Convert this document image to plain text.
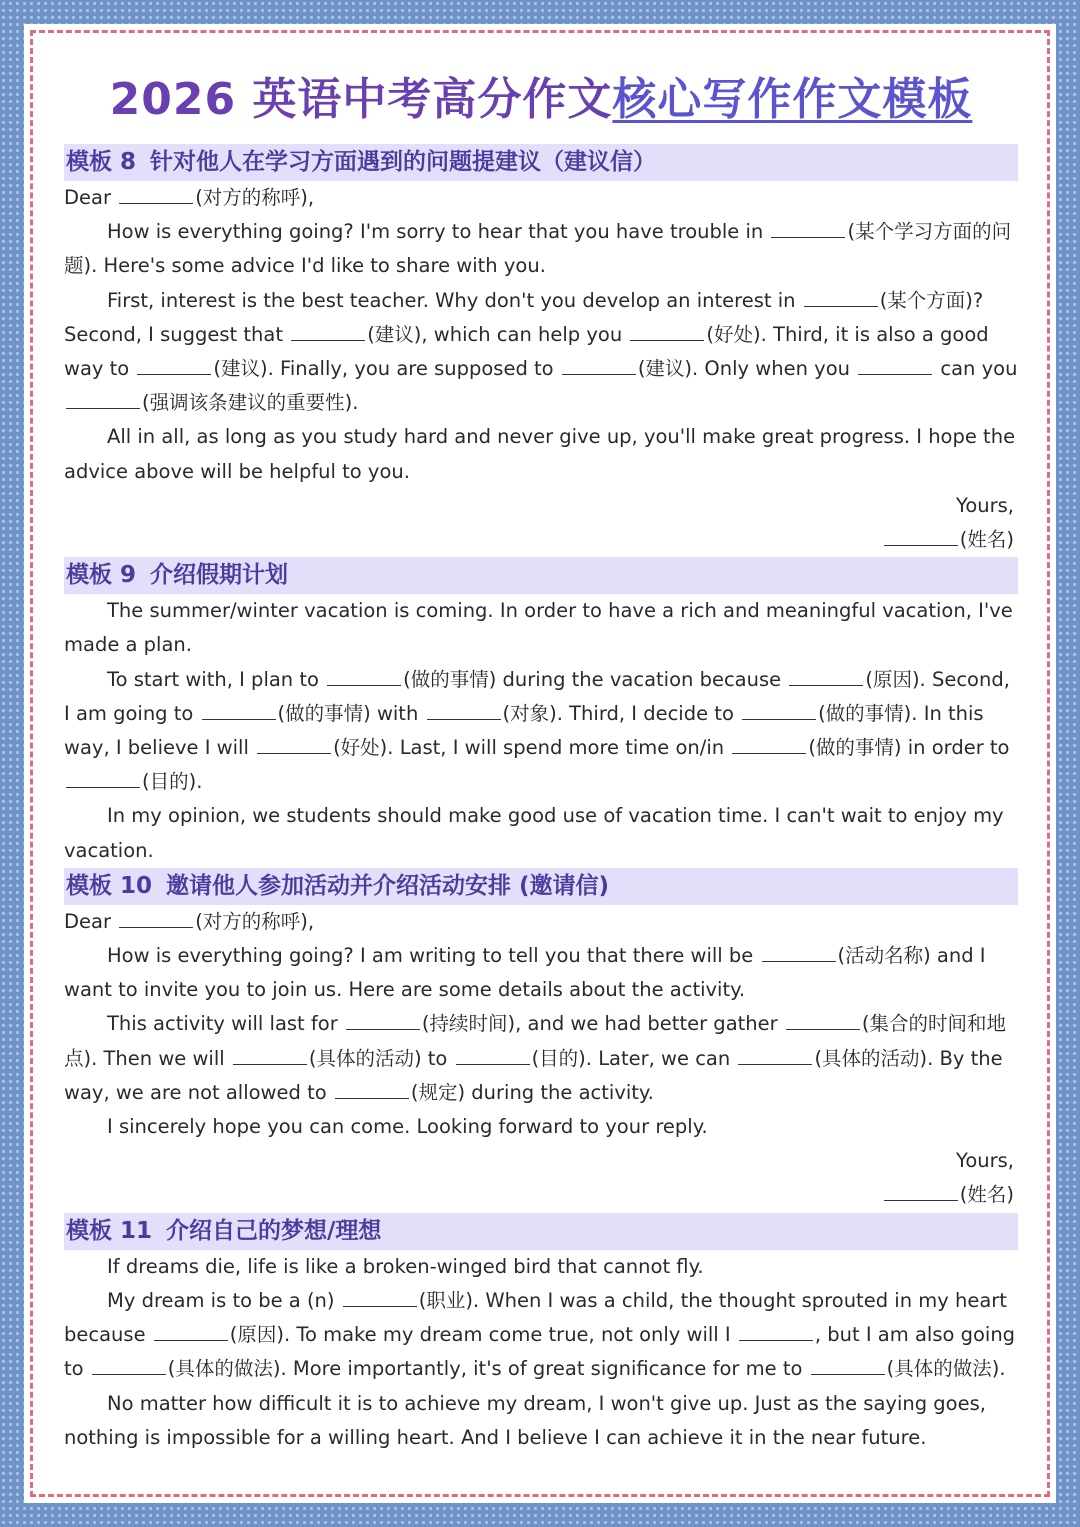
2026 英语中考高分作文核心写作作文模板
模板 8 针对他人在学习方面遇到的问题提建议（建议信）

Dear	(对方的称呼),

How is everything going? I'm sorry to hear that you have trouble in	(某个学习方面的问题). Here's some advice I'd like to share with you.

First, interest is the best teacher. Why don't you develop an interest in	(某个方面)? Second, I suggest that	(建议), which can help you	(好处). Third, it is also a good way to	(建议). Finally, you are supposed to	(建议). Only when you	can you (强调该条建议的重要性).

All in all, as long as you study hard and never give up, you'll make great progress. I hope the advice above will be helpful to you.

Yours,

(姓名)

模板 9 介绍假期计划

The summer/winter vacation is coming. In order to have a rich and meaningful vacation, I've made a plan.

To start with, I plan to	(做的事情) during the vacation because	(原因). Second, I am going to	(做的事情) with	(对象). Third, I decide to	(做的事情). In this way, I believe I will	(好处). Last, I will spend more time on/in	(做的事情) in order to (目的).

In my opinion, we students should make good use of vacation time. I can't wait to enjoy my vacation.

模板 10 邀请他人参加活动并介绍活动安排 (邀请信)

Dear	(对方的称呼),

How is everything going? I am writing to tell you that there will be	(活动名称) and I want to invite you to join us. Here are some details about the activity.

This activity will last for	(持续时间), and we had better gather	(集合的时间和地点). Then we will	(具体的活动) to	(目的). Later, we can	(具体的活动). By the way, we are not allowed to	(规定) during the activity.

I sincerely hope you can come. Looking forward to your reply.

Yours,

(姓名)

模板 11 介绍自己的梦想/理想

If dreams die, life is like a broken-winged bird that cannot fly.

My dream is to be a (n)	(职业). When I was a child, the thought sprouted in my heart because	(原因). To make my dream come true, not only will I	, but I am also going to	(具体的做法). More importantly, it's of great significance for me to	(具体的做法).

No matter how difficult it is to achieve my dream, I won't give up. Just as the saying goes, nothing is impossible for a willing heart. And I believe I can achieve it in the near future.
